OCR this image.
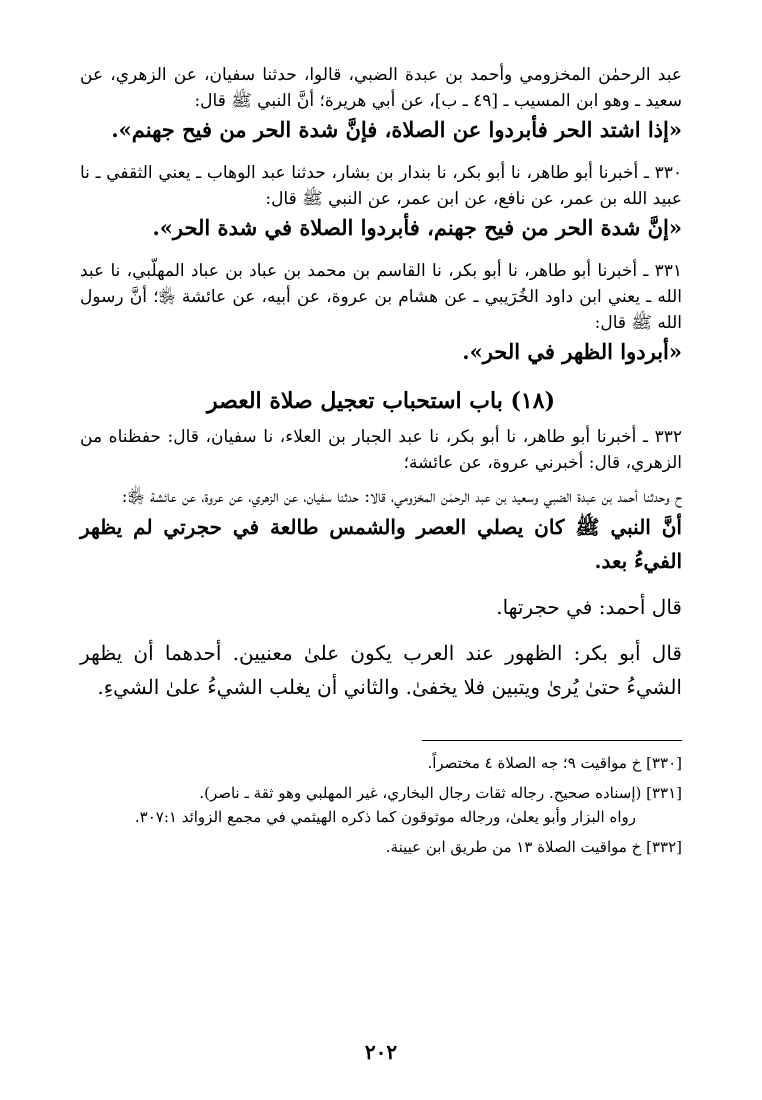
عبد الرحمٰن المخزومي وأحمد بن عبدة الضبي، قالوا، حدثنا سفيان، عن الزهري، عن سعيد ـ وهو ابن المسيب ـ [٤٩ ـ ب]، عن أبي هريرة؛ أنَّ النبي ﷺ قال:

«إذا اشتد الحر فأبردوا عن الصلاة، فإنَّ شدة الحر من فيح جهنم».

٣٣٠ ـ أخبرنا أبو طاهر، نا أبو بكر، نا بندار بن بشار، حدثنا عبد الوهاب ـ يعني الثقفي ـ نا عبيد الله بن عمر، عن نافع، عن ابن عمر، عن النبي ﷺ قال:

«إنَّ شدة الحر من فيح جهنم، فأبردوا الصلاة في شدة الحر».

٣٣١ ـ أخبرنا أبو طاهر، نا أبو بكر، نا القاسم بن محمد بن عباد بن عباد المهلّبي، نا عبد الله ـ يعني ابن داود الخُرَيبي ـ عن هشام بن عروة، عن أبيه، عن عائشة ﵂؛ أنَّ رسول الله ﷺ قال:

«أبردوا الظهر في الحر».

(١٨) باب استحباب تعجيل صلاة العصر

٣٣٢ ـ أخبرنا أبو طاهر، نا أبو بكر، نا عبد الجبار بن العلاء، نا سفيان، قال: حفظناه من الزهري، قال: أخبرني عروة، عن عائشة؛

ح وحدثنا أحمد بن عبدة الضبي وسعيد بن عبد الرحمٰن المخزومي، قالا: حدثنا سفيان، عن الزهري، عن عروة، عن عائشة ﵂:

أنَّ النبي ﷺ كان يصلي العصر والشمس طالعة في حجرتي لم يظهر الفيءُ بعد.

قال أحمد: في حجرتها.

قال أبو بكر: الظهور عند العرب يكون علىٰ معنيين. أحدهما أن يظهر الشيءُ حتىٰ يُرىٰ ويتبين فلا يخفىٰ. والثاني أن يغلب الشيءُ علىٰ الشيءِ.

[٣٣٠] خ مواقيت ٩؛ جه الصلاة ٤ مختصراً.

[٣٣١] (إسناده صحيح. رجاله ثقات رجال البخاري، غير المهلبي وهو ثقة ـ ناصر).

رواه البزار وأبو يعلىٰ، ورجاله موثوقون كما ذكره الهيثمي في مجمع الزوائد ٣٠٧:١.

[٣٣٢] خ مواقيت الصلاة ١٣ من طريق ابن عيينة.

٢٠٢
